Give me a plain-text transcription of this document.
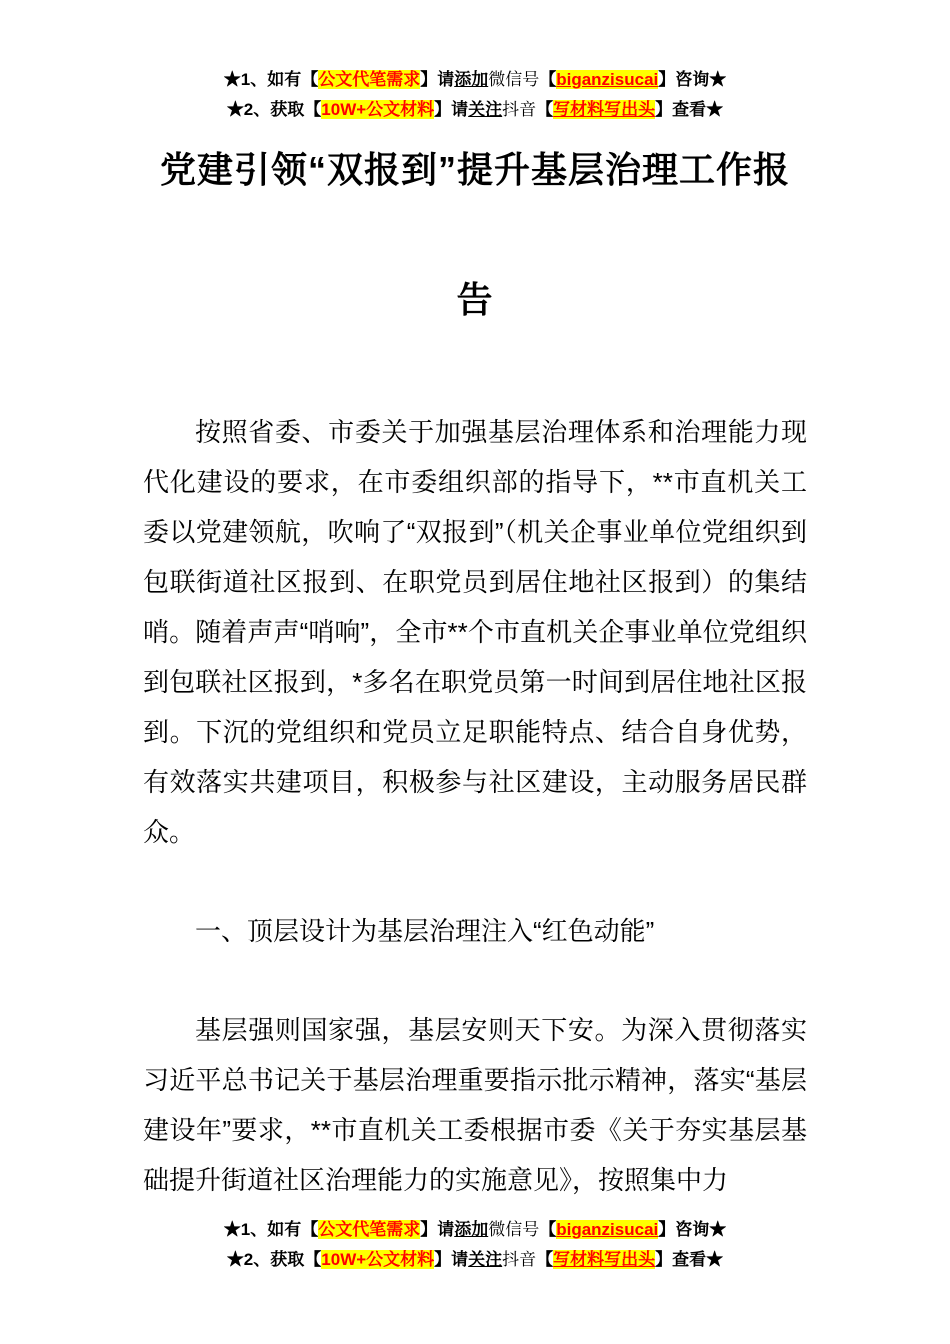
★1、如有【公文代笔需求】请添加微信号【biganzisucai】咨询★
★2、获取【10W+公文材料】请关注抖音【写材料写出头】查看★
党建引领“双报到”提升基层治理工作报
告

按照省委、市委关于加强基层治理体系和治理能力现代化建设的要求，在市委组织部的指导下，**市直机关工委以党建领航，吹响了“双报到”（机关企事业单位党组织到包联街道社区报到、在职党员到居住地社区报到）的集结哨。随着声声“哨响”，全市**个市直机关企事业单位党组织到包联社区报到，*多名在职党员第一时间到居住地社区报到。下沉的党组织和党员立足职能特点、结合自身优势，有效落实共建项目，积极参与社区建设，主动服务居民群众。

一、顶层设计为基层治理注入“红色动能”

基层强则国家强，基层安则天下安。为深入贯彻落实习近平总书记关于基层治理重要指示批示精神，落实“基层建设年”要求，**市直机关工委根据市委《关于夯实基层基础提升街道社区治理能力的实施意见》，按照集中力

★1、如有【公文代笔需求】请添加微信号【biganzisucai】咨询★
★2、获取【10W+公文材料】请关注抖音【写材料写出头】查看★
